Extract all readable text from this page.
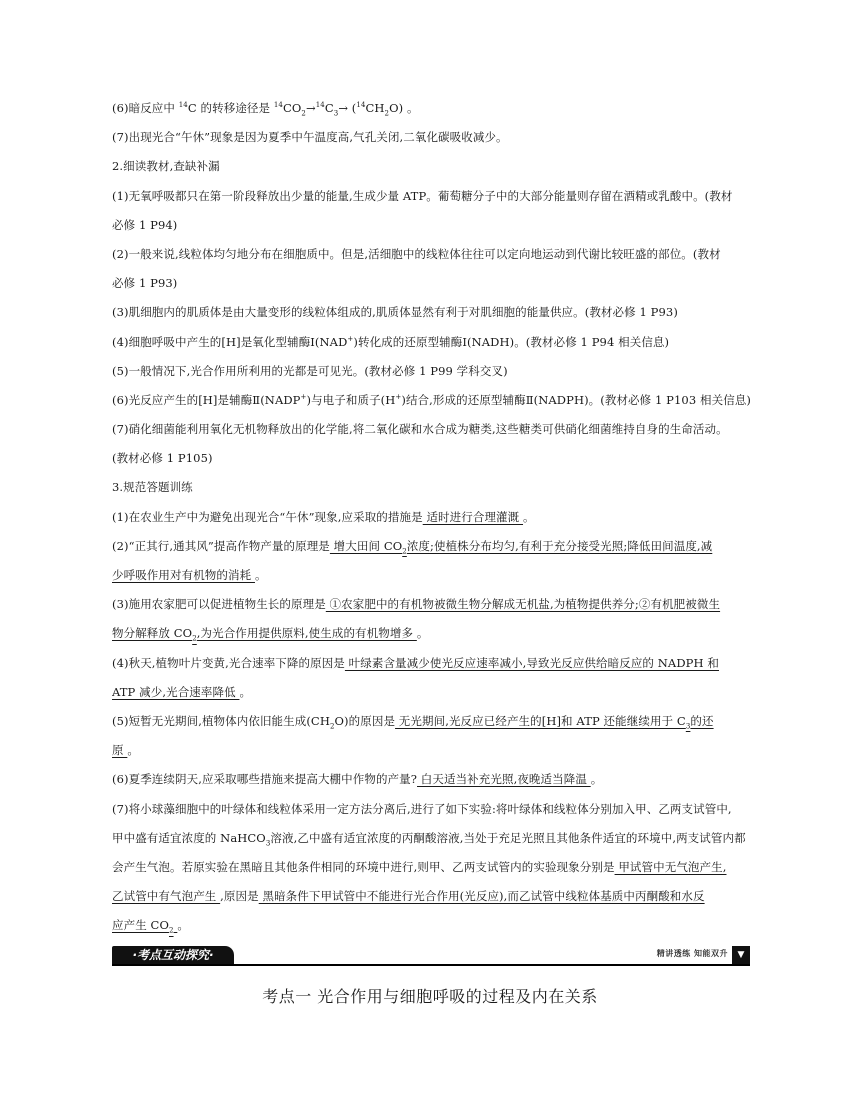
(6)暗反应中 $^{14}$C 的转移途径是 $^{14}CO_2\to^{14}C_3\to (^{14}CH_2O)$ 。
(7)出现光合“午休”现象是因为夏季中午温度高,气孔关闭,二氧化碳吸收减少。
2.细读教材,查缺补漏
(1)无氧呼吸都只在第一阶段释放出少量的能量,生成少量 ATP。葡萄糖分子中的大部分能量则存留在酒精或乳酸中。(教材
必修 1 P94)
(2)一般来说,线粒体均匀地分布在细胞质中。但是,活细胞中的线粒体往往可以定向地运动到代谢比较旺盛的部位。(教材
必修 1 P93)
(3)肌细胞内的肌质体是由大量变形的线粒体组成的,肌质体显然有利于对肌细胞的能量供应。(教材必修 1 P93)
(4)细胞呼吸中产生的[H]是氧化型辅酶Ⅰ(NAD+)转化成的还原型辅酶Ⅰ(NADH)。(教材必修 1 P94 相关信息)
(5)一般情况下,光合作用所利用的光都是可见光。(教材必修 1 P99 学科交叉)
(6)光反应产生的[H]是辅酶Ⅱ(NADP+)与电子和质子(H+)结合,形成的还原型辅酶Ⅱ(NADPH)。(教材必修 1 P103 相关信息)
(7)硝化细菌能利用氧化无机物释放出的化学能,将二氧化碳和水合成为糖类,这些糖类可供硝化细菌维持自身的生命活动。
(教材必修 1 P105)
3.规范答题训练
(1)在农业生产中为避免出现光合“午休”现象,应采取的措施是 适时进行合理灌溉 。
(2)“正其行,通其风”提高作物产量的原理是 增大田间 $CO_2$浓度;使植株分布均匀,有利于充分接受光照;降低田间温度,减
少呼吸作用对有机物的消耗 。
(3)施用农家肥可以促进植物生长的原理是 ①农家肥中的有机物被微生物分解成无机盐,为植物提供养分;②有机肥被微生
物分解释放 $CO_2$,为光合作用提供原料,使生成的有机物增多 。
(4)秋天,植物叶片变黄,光合速率下降的原因是 叶绿素含量减少使光反应速率减小,导致光反应供给暗反应的 NADPH 和
ATP 减少,光合速率降低 。
(5)短暂无光期间,植物体内依旧能生成$(CH_2O)$的原因是 无光期间,光反应已经产生的[H]和 ATP 还能继续用于 $C_3$的还
原 。
(6)夏季连续阴天,应采取哪些措施来提高大棚中作物的产量? 白天适当补充光照,夜晚适当降温 。
(7)将小球藻细胞中的叶绿体和线粒体采用一定方法分离后,进行了如下实验:将叶绿体和线粒体分别加入甲、乙两支试管中,
甲中盛有适宜浓度的 NaHCO$_3$溶液,乙中盛有适宜浓度的丙酮酸溶液,当处于充足光照且其他条件适宜的环境中,两支试管内都
会产生气泡。若原实验在黑暗且其他条件相同的环境中进行,则甲、乙两支试管内的实验现象分别是 甲试管中无气泡产生,
乙试管中有气泡产生 ,原因是 黑暗条件下甲试管中不能进行光合作用(光反应),而乙试管中线粒体基质中丙酮酸和水反
应产生 $CO_2$ 。
·考点互动探究·	精讲透练 知能双升	▼
考点一 光合作用与细胞呼吸的过程及内在关系
